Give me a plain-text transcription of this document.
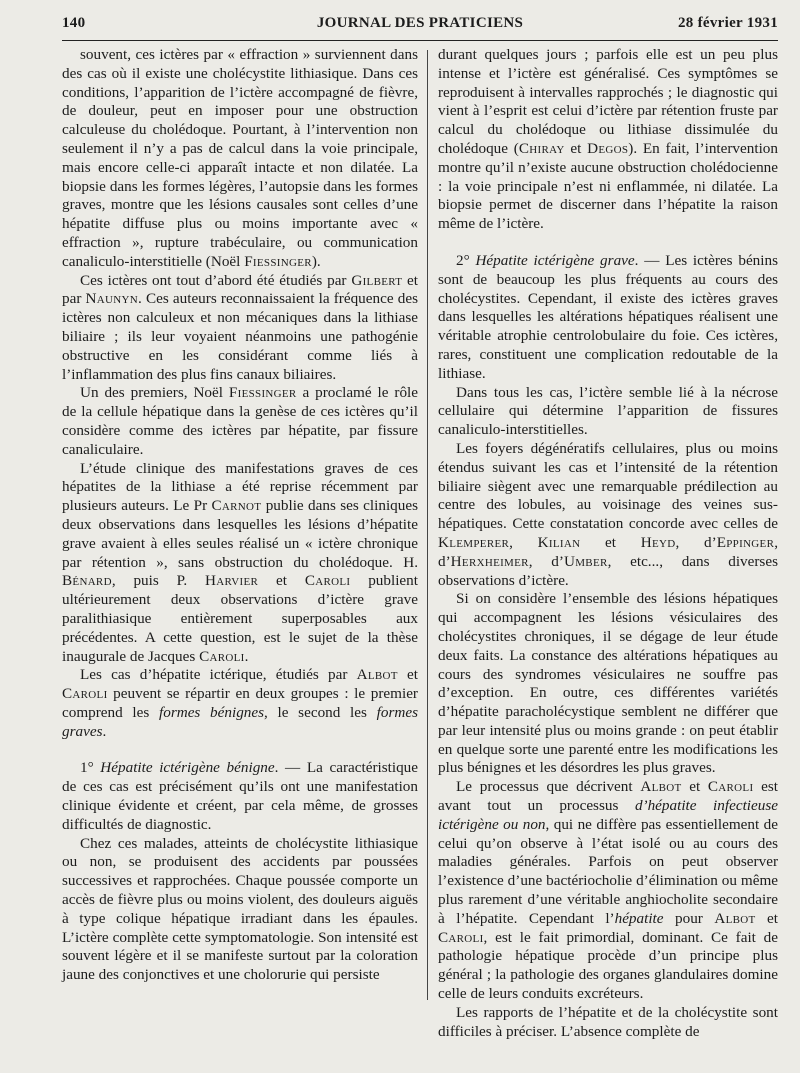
140	JOURNAL DES PRATICIENS	28 février 1931

souvent, ces ictères par « effraction » surviennent dans des cas où il existe une cholécystite lithiasique. Dans ces conditions, l’apparition de l’ictère accompagné de fièvre, de douleur, peut en imposer pour une obstruction calculeuse du cholédoque. Pourtant, à l’intervention non seulement il n’y a pas de calcul dans la voie principale, mais encore celle-ci apparaît intacte et non dilatée. La biopsie dans les formes légères, l’autopsie dans les formes graves, montre que les lésions causales sont celles d’une hépatite diffuse plus ou moins importante avec « effraction », rupture trabéculaire, ou communication canaliculo-interstitielle (Noël Fiessinger).

Ces ictères ont tout d’abord été étudiés par Gilbert et par Naunyn. Ces auteurs reconnaissaient la fréquence des ictères non calculeux et non mécaniques dans la lithiase biliaire ; ils leur voyaient néanmoins une pathogénie obstructive en les considérant comme liés à l’inflammation des plus fins canaux biliaires.

Un des premiers, Noël Fiessinger a proclamé le rôle de la cellule hépatique dans la genèse de ces ictères qu’il considère comme des ictères par hépatite, par fissure canaliculaire.

L’étude clinique des manifestations graves de ces hépatites de la lithiase a été reprise récemment par plusieurs auteurs. Le Pr Carnot publie dans ses cliniques deux observations dans lesquelles les lésions d’hépatite grave avaient à elles seules réalisé un « ictère chronique par rétention », sans obstruction du cholédoque. H. Bénard, puis P. Harvier et Caroli publient ultérieurement deux observations d’ictère grave paralithiasique entièrement superposables aux précédentes. A cette question, est le sujet de la thèse inaugurale de Jacques Caroli.

Les cas d’hépatite ictérique, étudiés par Albot et Caroli peuvent se répartir en deux groupes : le premier comprend les formes bénignes, le second les formes graves.

1° Hépatite ictérigène bénigne. — La caractéristique de ces cas est précisément qu’ils ont une manifestation clinique évidente et créent, par cela même, de grosses difficultés de diagnostic.

Chez ces malades, atteints de cholécystite lithiasique ou non, se produisent des accidents par poussées successives et rapprochées. Chaque poussée comporte un accès de fièvre plus ou moins violent, des douleurs aiguës à type colique hépatique irradiant dans les épaules. L’ictère complète cette symptomatologie. Son intensité est souvent légère et il se manifeste surtout par la coloration jaune des conjonctives et une cholorurie qui persiste

durant quelques jours ; parfois elle est un peu plus intense et l’ictère est généralisé. Ces symptômes se reproduisent à intervalles rapprochés ; le diagnostic qui vient à l’esprit est celui d’ictère par rétention fruste par calcul du cholédoque ou lithiase dissimulée du cholédoque (Chiray et Degos). En fait, l’intervention montre qu’il n’existe aucune obstruction cholédocienne : la voie principale n’est ni enflammée, ni dilatée. La biopsie permet de discerner dans l’hépatite la raison même de l’ictère.

2° Hépatite ictérigène grave. — Les ictères bénins sont de beaucoup les plus fréquents au cours des cholécystites. Cependant, il existe des ictères graves dans lesquelles les altérations hépatiques réalisent une véritable atrophie centrolobulaire du foie. Ces ictères, rares, constituent une complication redoutable de la lithiase.

Dans tous les cas, l’ictère semble lié à la nécrose cellulaire qui détermine l’apparition de fissures canaliculo-interstitielles.

Les foyers dégénératifs cellulaires, plus ou moins étendus suivant les cas et l’intensité de la rétention biliaire siègent avec une remarquable prédilection au centre des lobules, au voisinage des veines sus-hépatiques. Cette constatation concorde avec celles de Klemperer, Kilian et Heyd, d’Eppinger, d’Herxheimer, d’Umber, etc..., dans diverses observations d’ictère.

Si on considère l’ensemble des lésions hépatiques qui accompagnent les lésions vésiculaires des cholécystites chroniques, il se dégage de leur étude deux faits. La constance des altérations hépatiques au cours des syndromes vésiculaires ne souffre pas d’exception. En outre, ces différentes variétés d’hépatite paracholécystique semblent ne différer que par leur intensité plus ou moins grande : on peut établir en quelque sorte une parenté entre les modifications les plus bénignes et les désordres les plus graves.

Le processus que décrivent Albot et Caroli est avant tout un processus d’hépatite infectieuse ictérigène ou non, qui ne diffère pas essentiellement de celui qu’on observe à l’état isolé ou au cours des maladies générales. Parfois on peut observer l’existence d’une bactériocholie d’élimination ou même plus rarement d’une véritable anghiocholite secondaire à l’hépatite. Cependant l’hépatite pour Albot et Caroli, est le fait primordial, dominant. Ce fait de pathologie hépatique procède d’un principe plus général ; la pathologie des organes glandulaires domine celle de leurs conduits excréteurs.

Les rapports de l’hépatite et de la cholécystite sont difficiles à préciser. L’absence complète de
